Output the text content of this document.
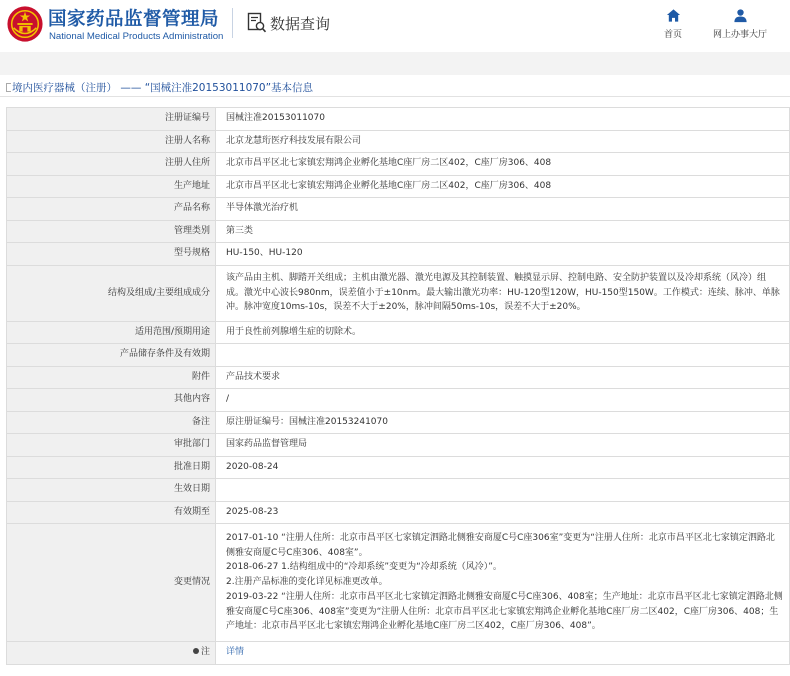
国家药品监督管理局
National Medical Products Administration
数据查询
首页	网上办事大厅
境内医疗器械（注册） —— “国械注准20153011070”基本信息
注册证编号	国械注准20153011070
注册人名称	北京龙慧珩医疗科技发展有限公司
注册人住所	北京市昌平区北七家镇宏翔鸿企业孵化基地C座厂房二区402，C座厂房306、408
生产地址	北京市昌平区北七家镇宏翔鸿企业孵化基地C座厂房二区402，C座厂房306、408
产品名称	半导体激光治疗机
管理类别	第三类
型号规格	HU-150、HU-120
结构及组成/主要组成成分	该产品由主机、脚踏开关组成；主机由激光器、激光电源及其控制装置、触摸显示屏、控制电路、安全防护装置以及冷却系统（风冷）组成。激光中心波长980nm，误差值小于±10nm。最大输出激光功率：HU-120型120W，HU-150型150W。工作模式：连续、脉冲、单脉冲。脉冲宽度10ms-10s，误差不大于±20%，脉冲间隔50ms-10s，误差不大于±20%。
适用范围/预期用途	用于良性前列腺增生症的切除术。
产品储存条件及有效期	
附件	产品技术要求
其他内容	/
备注	原注册证编号：国械注准20153241070
审批部门	国家药品监督管理局
批准日期	2020-08-24
生效日期	
有效期至	2025-08-23
变更情况	2017-01-10 “注册人住所：北京市昌平区七家镇定泗路北侧雅安商厦C号C座306室”变更为“注册人住所：北京市昌平区北七家镇定泗路北侧雅安商厦C号C座306、408室”。
2018-06-27 1.结构组成中的“冷却系统”变更为“冷却系统（风冷）”。
2.注册产品标准的变化详见标准更改单。
2019-03-22 “注册人住所：北京市昌平区北七家镇定泗路北侧雅安商厦C号C座306、408室；生产地址：北京市昌平区北七家镇定泗路北侧雅安商厦C号C座306、408室”变更为“注册人住所：北京市昌平区北七家镇宏翔鸿企业孵化基地C座厂房二区402，C座厂房306、408；生产地址：北京市昌平区北七家镇宏翔鸿企业孵化基地C座厂房二区402，C座厂房306、408”。

注	详情
